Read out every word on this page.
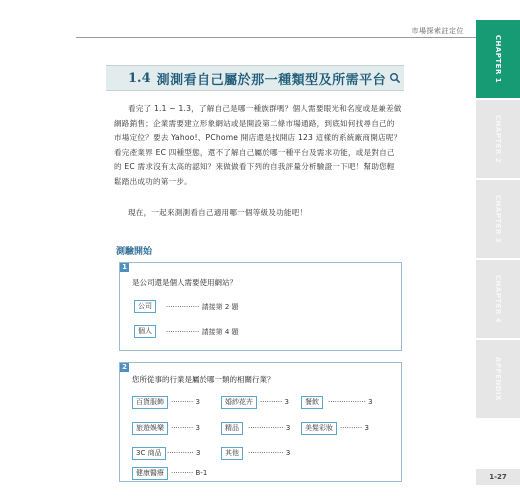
市場探索註定位
1.4 測測看自己屬於那一種類型及所需平台

看完了 1.1 ~ 1.3，了解自己是哪一種族群嗎？個人需要眼光和名度或是兼差做網路銷售；企業需要建立形象網站或是開設第二條市場通路，到底如何找尋自己的市場定位？要去 Yahoo!、PChome 開店還是找開店 123 這樣的系統廠商開店呢？看完產業界 EC 四種型態，還不了解自己屬於哪一種平台及需求功能，或是對自己的 EC 需求沒有太高的認知？來做做看下列的自我評量分析驗證一下吧！幫助您輕鬆踏出成功的第一步。

現在，一起來測測看自己適用哪一個等級及功能吧！

測驗開始
1
是公司還是個人需要使用網站？
公司	··············· 請接第 2 題
個人	··············· 請接第 4 題
2
您所從事的行業是屬於哪一類的相關行業？
百貨服飾	·········· 3	婚紗花卉	·········· 3	餐飲	················· 3
旅遊娛樂	·········· 3	精品	················ 3	美髮彩妝	·········· 3
3C 商品 ············ 3	其他	················ 3
健康醫療	·········· B-1
CHAPTER 1
CHAPTER 2
CHAPTER 3
CHAPTER 4
APPENDIX
1-27
